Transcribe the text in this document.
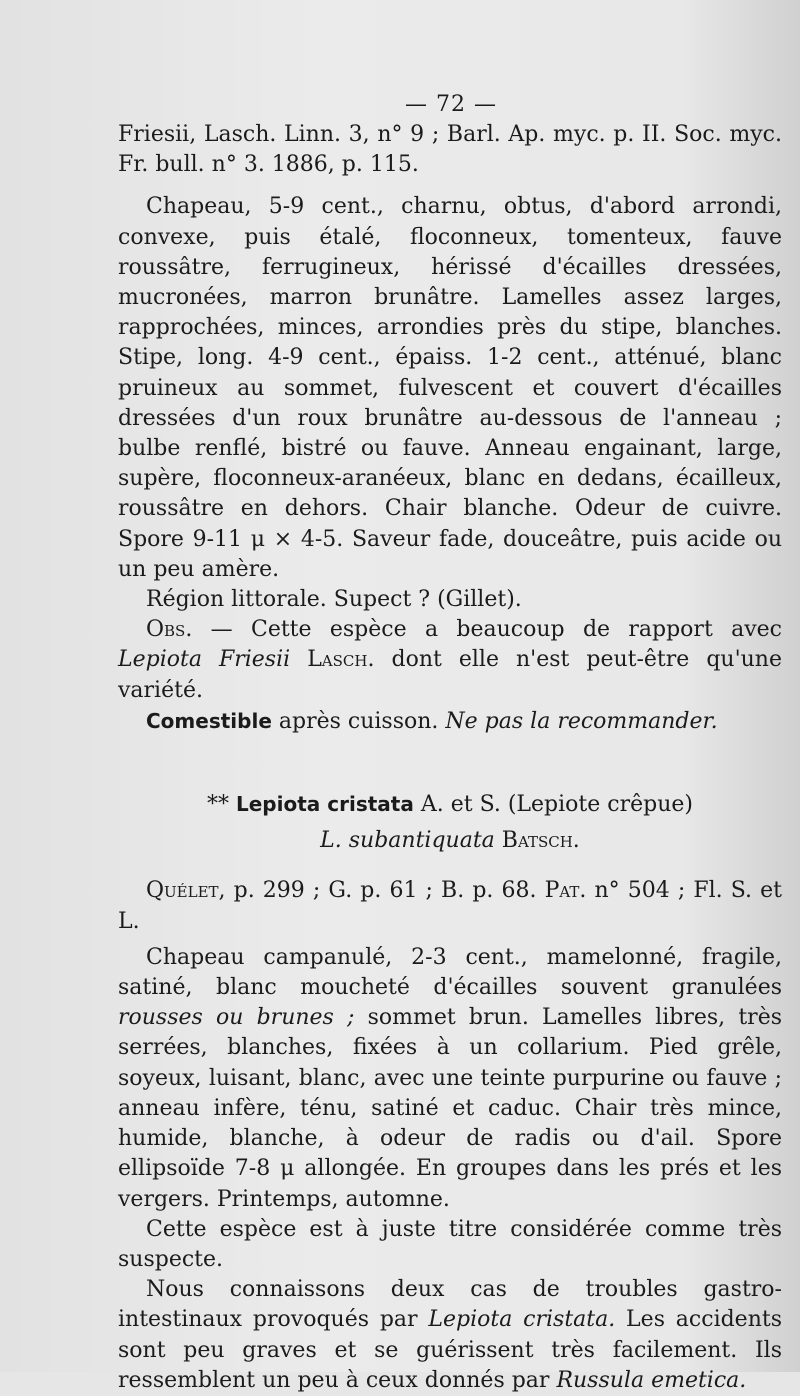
— 72 —

Friesii, Lasch. Linn. 3, n° 9 ; Barl. Ap. myc. p. II. Soc. myc. Fr. bull. n° 3. 1886, p. 115.

Chapeau, 5-9 cent., charnu, obtus, d'abord arrondi, convexe, puis étalé, floconneux, tomenteux, fauve roussâtre, ferrugineux, hérissé d'écailles dressées, mucronées, marron brunâtre. Lamelles assez larges, rapprochées, minces, arrondies près du stipe, blanches. Stipe, long. 4-9 cent., épaiss. 1-2 cent., atténué, blanc pruineux au sommet, fulvescent et couvert d'écailles dressées d'un roux brunâtre au-dessous de l'anneau ; bulbe renflé, bistré ou fauve. Anneau engainant, large, supère, floconneux-aranéeux, blanc en dedans, écailleux, roussâtre en dehors. Chair blanche. Odeur de cuivre. Spore 9-11 μ × 4-5. Saveur fade, douceâtre, puis acide ou un peu amère.

Région littorale. Supect ? (Gillet).

Obs. — Cette espèce a beaucoup de rapport avec Lepiota Friesii Lasch. dont elle n'est peut-être qu'une variété.

Comestible après cuisson. Ne pas la recommander.

** Lepiota cristata A. et S. (Lepiote crêpue)

L. subantiquata Batsch.

Quélet, p. 299 ; G. p. 61 ; B. p. 68. Pat. n° 504 ; Fl. S. et L.

Chapeau campanulé, 2-3 cent., mamelonné, fragile, satiné, blanc moucheté d'écailles souvent granulées rousses ou brunes ; sommet brun. Lamelles libres, très serrées, blanches, fixées à un collarium. Pied grêle, soyeux, luisant, blanc, avec une teinte purpurine ou fauve ; anneau infère, ténu, satiné et caduc. Chair très mince, humide, blanche, à odeur de radis ou d'ail. Spore ellipsoïde 7-8 μ allongée. En groupes dans les prés et les vergers. Printemps, automne.

Cette espèce est à juste titre considérée comme très suspecte.

Nous connaissons deux cas de troubles gastro-intestinaux provoqués par Lepiota cristata. Les accidents sont peu graves et se guérissent très facilement. Ils ressemblent un peu à ceux donnés par Russula emetica.
